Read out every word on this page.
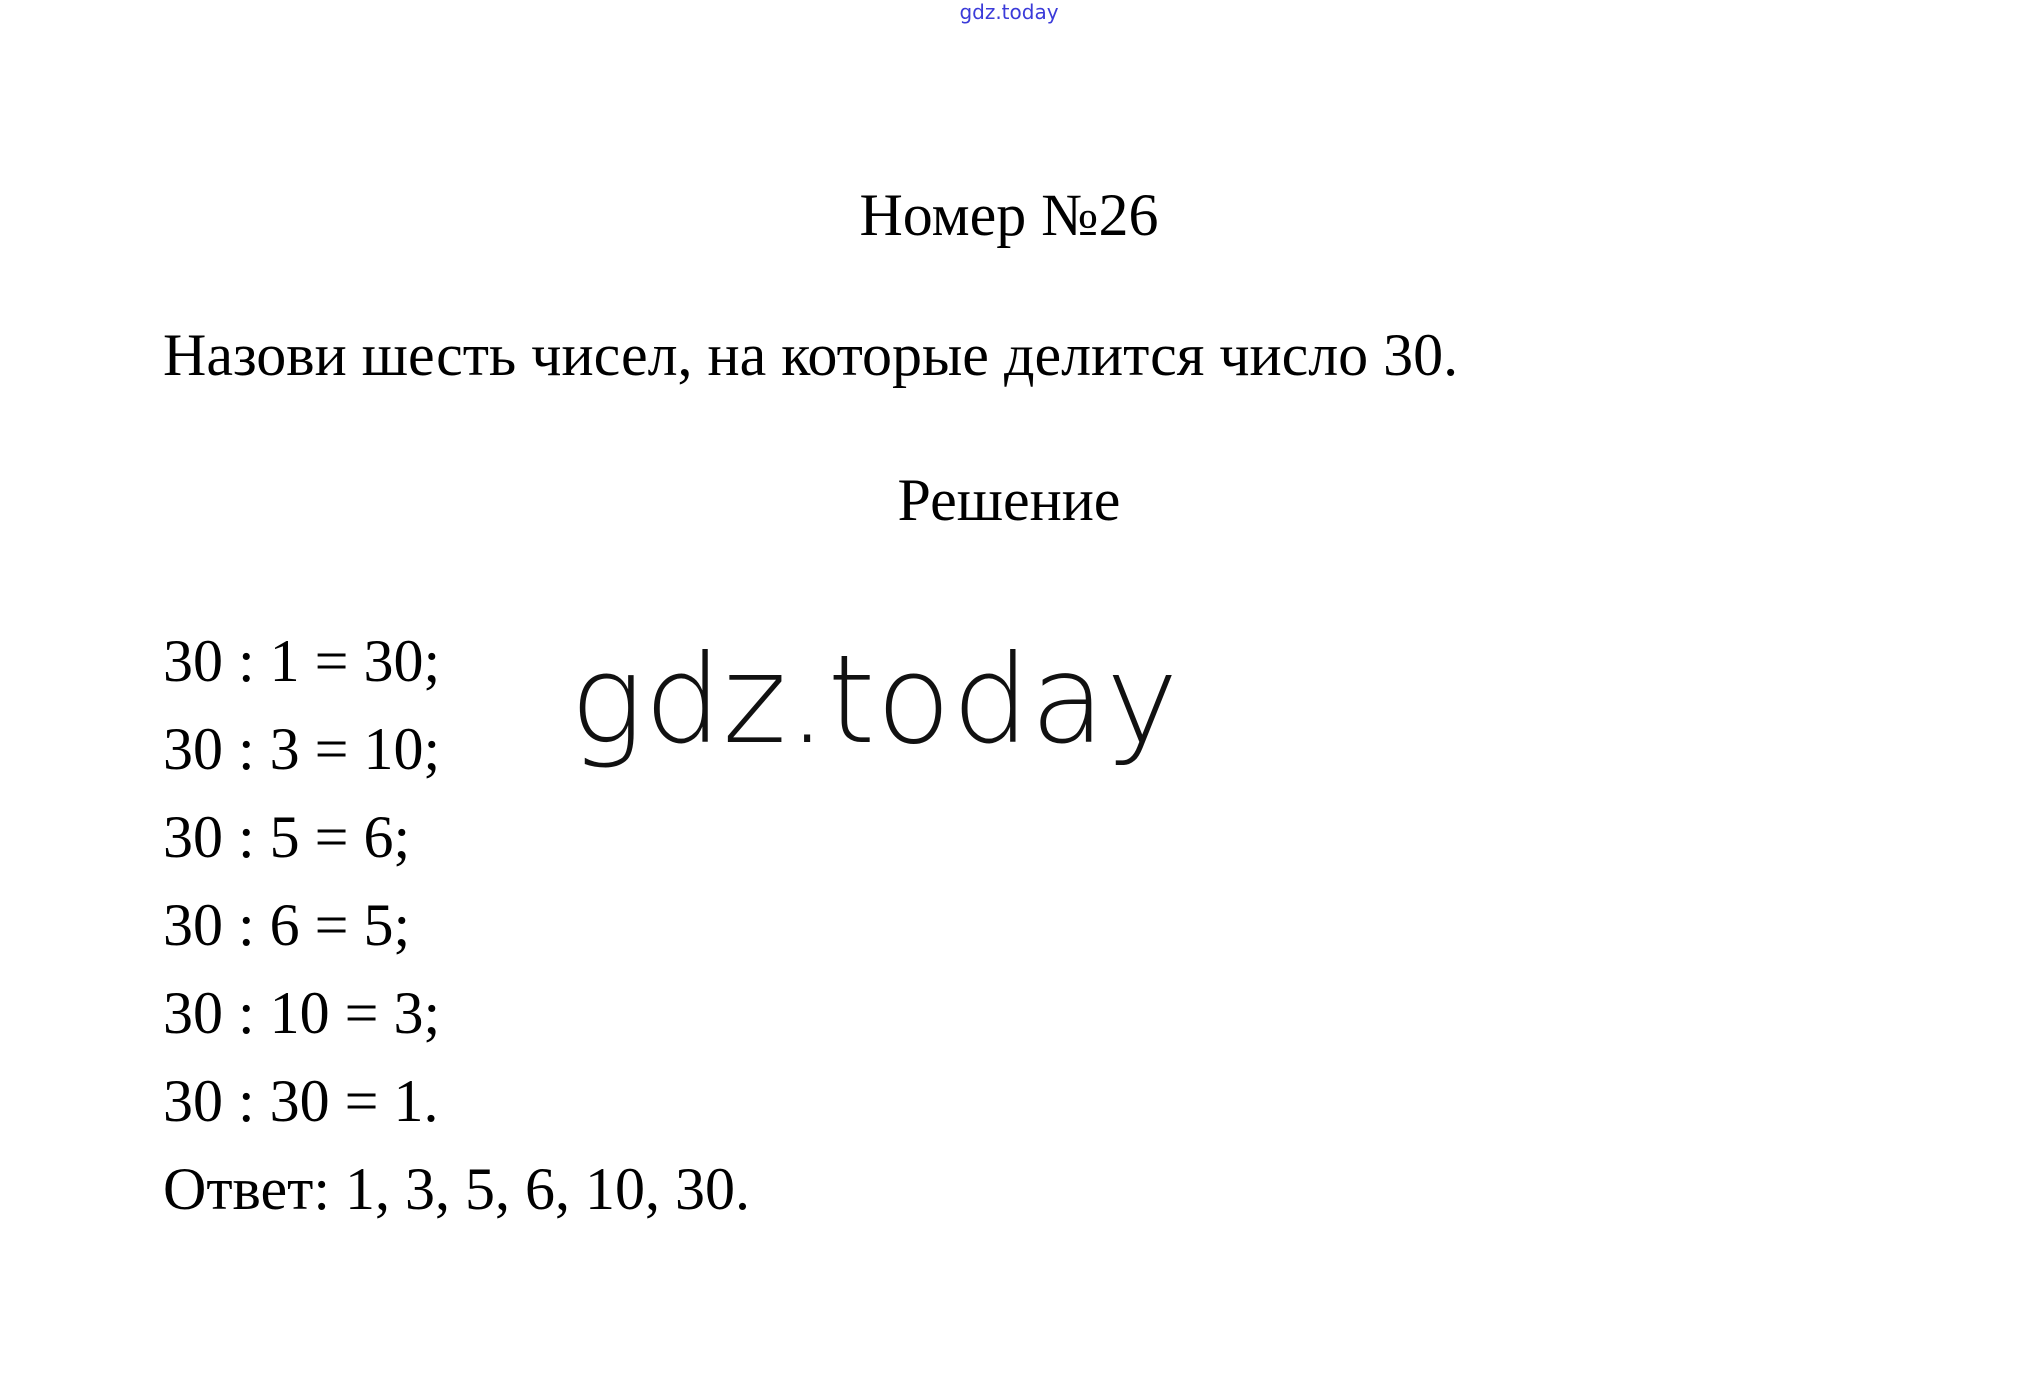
gdz.today
Номер №26
Назови шесть чисел, на которые делится число 30.
Решение
30 : 1 = 30;
30 : 3 = 10;
30 : 5 = 6;
30 : 6 = 5;
30 : 10 = 3;
30 : 30 = 1.
Ответ: 1, 3, 5, 6, 10, 30.
gdz.today
